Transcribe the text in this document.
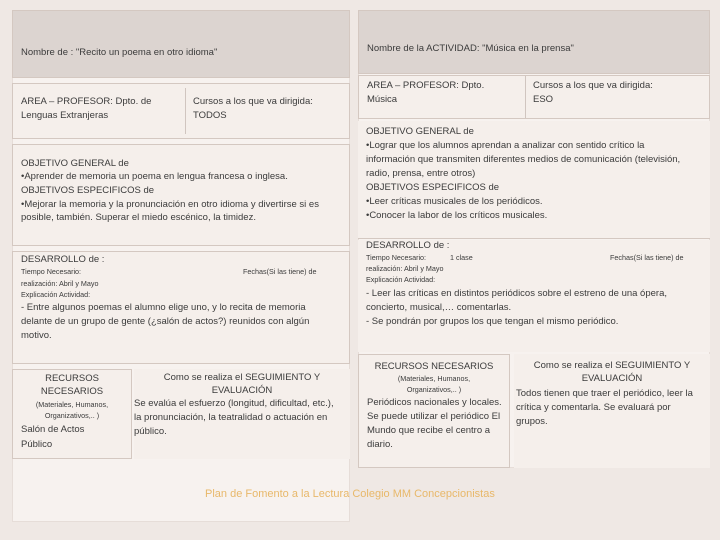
Nombre de : "Recito un poema en otro idioma"
AREA – PROFESOR: Dpto. de
Lenguas Extranjeras
Cursos a los que va dirigida:
TODOS
OBJETIVO GENERAL de
•Aprender de memoria un poema en lengua francesa o inglesa.
OBJETIVOS ESPECIFICOS de
•Mejorar la memoria y la pronunciación en otro idioma y divertirse si es
posible, también. Superar el miedo escénico, la timidez.
DESARROLLO de :
Tiempo Necesario:	Fechas(Si las tiene) de
realización: Abril y Mayo
Explicación Actividad:
- Entre algunos poemas el alumno elige uno, y lo recita de memoria
delante de un grupo de gente (¿salón de actos?) reunidos con algún
motivo.
RECURSOS
NECESARIOS
(Materiales, Humanos,
Organizativos,.. )
Salón de Actos
Público
Como se realiza el SEGUIMIENTO Y
EVALUACIÓN
Se evalúa el esfuerzo (longitud, dificultad, etc.),
la pronunciación, la teatralidad o actuación en
público.
Nombre de la ACTIVIDAD: "Música en la prensa"
AREA – PROFESOR: Dpto.
Música
Cursos a los que va dirigida:
ESO
OBJETIVO GENERAL de
•Lograr que los alumnos aprendan a analizar con sentido crítico la
información que transmiten diferentes medios de comunicación (televisión,
radio, prensa, entre otros)
OBJETIVOS ESPECIFICOS de
•Leer críticas musicales de los periódicos.
•Conocer la labor de los críticos musicales.
DESARROLLO de :
Tiempo Necesario:	1 clase	Fechas(Si las tiene) de
realización: Abril y Mayo
Explicación Actividad:
- Leer las críticas en distintos periódicos sobre el estreno de una ópera,
concierto, musical,… comentarlas.
- Se pondrán por grupos los que tengan el mismo periódico.
RECURSOS NECESARIOS
(Materiales, Humanos,
Organizativos,.. )
Periódicos nacionales y locales.
Se puede utilizar el periódico El
Mundo que recibe el centro a
diario.
Como se realiza el SEGUIMIENTO Y
EVALUACIÓN
Todos tienen que traer el periódico, leer la
crítica y comentarla. Se evaluará por
grupos.
Plan de Fomento a la Lectura Colegio MM Concepcionistas
